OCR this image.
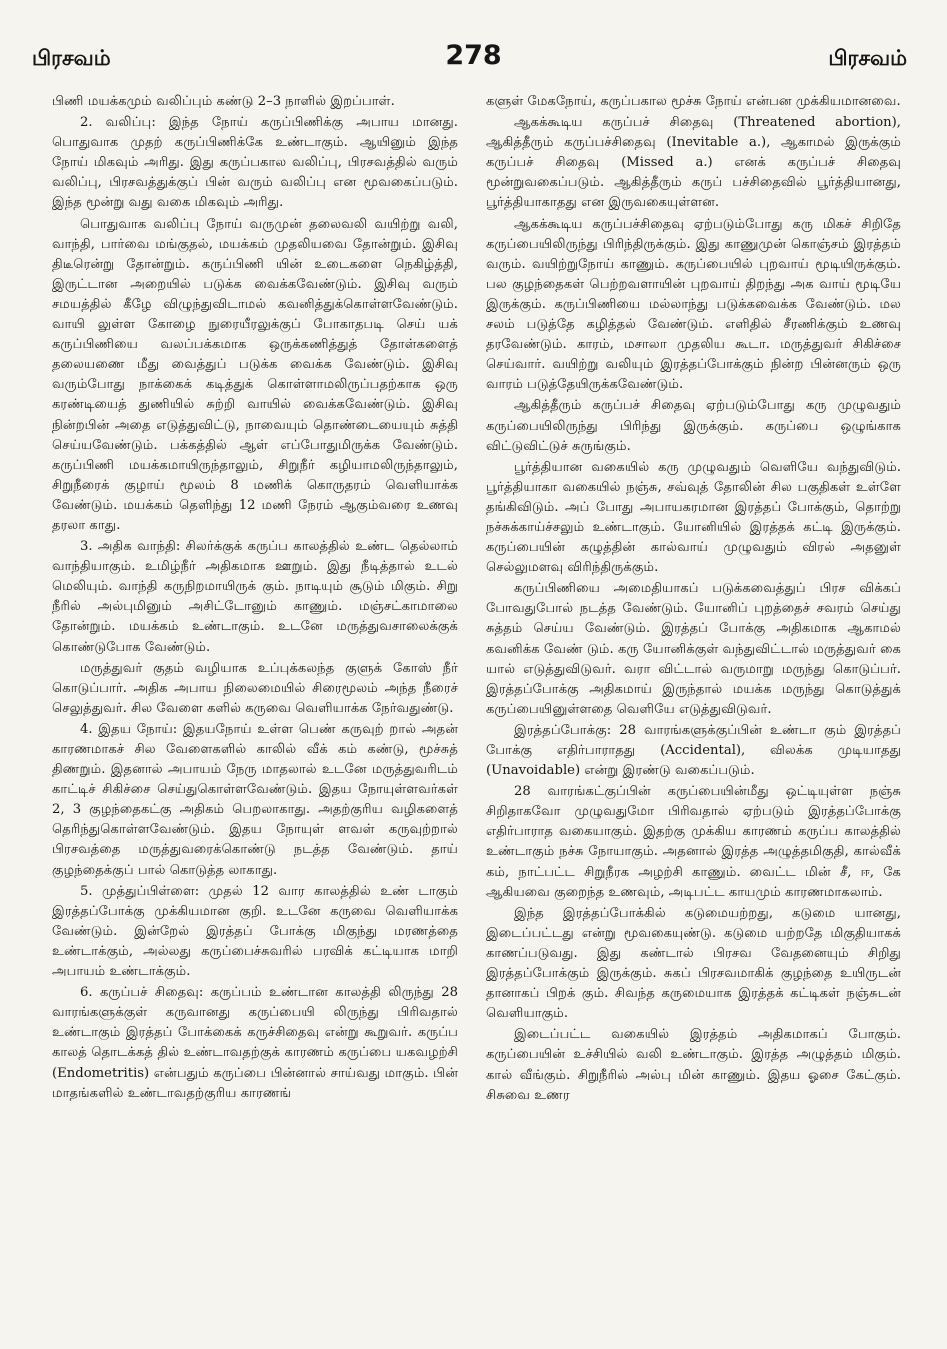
பிரசவம்	278	பிரசவம்

பிணி மயக்கமும் வலிப்பும் கண்டு 2–3 நாளில் இறப்பாள்.

2. வலிப்பு: இந்த நோய் கருப்பிணிக்கு அபாய மானது. பொதுவாக முதற் கருப்பிணிக்கே உண்டாகும். ஆயினும் இந்த நோய் மிகவும் அரிது. இது கருப்பகால வலிப்பு, பிரசவத்தில் வரும் வலிப்பு, பிரசவத்துக்குப் பின் வரும் வலிப்பு என மூவகைப்படும். இந்த மூன்று வது வகை மிகவும் அரிது.

பொதுவாக வலிப்பு நோய் வருமுன் தலைவலி வயிற்று வலி, வாந்தி, பார்வை மங்குதல், மயக்கம் முதலியவை தோன்றும். இசிவு திடீரென்று தோன்றும். கருப்பிணி யின் உடைகளை நெகிழ்த்தி, இருட்டான அறையில் படுக்க வைக்கவேண்டும். இசிவு வரும் சமயத்தில் கீழே விழுந்துவிடாமல் கவனித்துக்கொள்ளவேண்டும். வாயி லுள்ள கோழை நுரையீரலுக்குப் போகாதபடி செய் யக் கருப்பிணியை வலப்பக்கமாக ஒருக்கணித்துத் தோள்களைத் தலையணை மீது வைத்துப் படுக்க வைக்க வேண்டும். இசிவு வரும்போது நாக்கைக் கடித்துக் கொள்ளாமலிருப்பதற்காக ஒரு கரண்டியைத் துணியில் சுற்றி வாயில் வைக்கவேண்டும். இசிவு நின்றபின் அதை எடுத்துவிட்டு, நாவையும் தொண்டையையும் சுத்தி செய்யவேண்டும். பக்கத்தில் ஆள் எப்போதுமிருக்க வேண்டும். கருப்பிணி மயக்கமாயிருந்தாலும், சிறுநீர் கழியாமலிருந்தாலும், சிறுநீரைக் குழாய் மூலம் 8 மணிக் கொருதரம் வெளியாக்க வேண்டும். மயக்கம் தெளிந்து 12 மணி நேரம் ஆகும்வரை உணவு தரலா காது.

3. அதிக வாந்தி: சிலர்க்குக் கருப்ப காலத்தில் உண்ட தெல்லாம் வாந்தியாகும். உமிழ்நீர் அதிகமாக ஊறும். இது நீடித்தால் உடல் மெலியும். வாந்தி கருநிறமாயிருக் கும். நாடியும் சூடும் மிகும். சிறு நீரில் அல்புமினும் அசிட்டோனும் காணும். மஞ்சட்காமாலை தோன்றும். மயக்கம் உண்டாகும். உடனே மருத்துவசாலைக்குக் கொண்டுபோக வேண்டும்.

மருத்துவர் குதம் வழியாக உப்புக்கலந்த குளுக் கோஸ் நீர் கொடுப்பார். அதிக அபாய நிலைமையில் சிரைமூலம் அந்த நீரைச் செலுத்துவர். சில வேளை களில் கருவை வெளியாக்க நேர்வதுண்டு.

4. இதய நோய்: இதயநோய் உள்ள பெண் கருவுற் றால் அதன் காரணமாகச் சில வேளைகளில் காலில் வீக் கம் கண்டு, மூச்சுத் திணறும். இதனால் அபாயம் நேரு மாதலால் உடனே மருத்துவரிடம் காட்டிச் சிகிச்சை செய்துகொள்ளவேண்டும். இதய நோயுள்ளவர்கள் 2, 3 குழந்தைகட்கு அதிகம் பெறலாகாது. அதற்குரிய வழிகளைத் தெரிந்துகொள்ளவேண்டும். இதய நோயுள் ளவள் கருவுற்றால் பிரசவத்தை மருத்துவரைக்கொண்டு நடத்த வேண்டும். தாய் குழந்தைக்குப் பால் கொடுத்த லாகாது.

5. முத்துப்பிள்ளை: முதல் 12 வார காலத்தில் உண் டாகும் இரத்தப்போக்கு முக்கியமான குறி. உடனே கருவை வெளியாக்க வேண்டும். இன்றேல் இரத்தப் போக்கு மிகுந்து மரணத்தை உண்டாக்கும், அல்லது கருப்பைச்சுவரில் பரவிக் கட்டியாக மாறி அபாயம் உண்டாக்கும்.

6. கருப்பச் சிதைவு: கருப்பம் உண்டான காலத்தி லிருந்து 28 வாரங்களுக்குள் கருவானது கருப்பையி லிருந்து பிரிவதால் உண்டாகும் இரத்தப் போக்கைக் கருச்சிதைவு என்று கூறுவர். கருப்ப காலத் தொடக்கத் தில் உண்டாவதற்குக் காரணம் கருப்பை யகவழற்சி (Endometritis) என்பதும் கருப்பை பின்னால் சாய்வது மாகும். பின் மாதங்களில் உண்டாவதற்குரிய காரணங்

களுள் மேகநோய், கருப்பகால மூச்சு நோய் என்பன முக்கியமானவை.

ஆகக்கூடிய கருப்பச் சிதைவு (Threatened abortion), ஆகித்தீரும் கருப்பச்சிதைவு (Inevitable a.), ஆகாமல் இருக்கும் கருப்பச் சிதைவு (Missed a.) எனக் கருப்பச் சிதைவு மூன்றுவகைப்படும். ஆகித்தீரும் கருப் பச்சிதைவில் பூர்த்தியானது, பூர்த்தியாகாதது என இருவகையுள்ளன.

ஆகக்கூடிய கருப்பச்சிதைவு ஏற்படும்போது கரு மிகச் சிறிதே கருப்பையிலிருந்து பிரிந்திருக்கும். இது காணுமுன் கொஞ்சம் இரத்தம் வரும். வயிற்றுநோய் காணும். கருப்பையில் புறவாய் மூடியிருக்கும். பல குழந்தைகள் பெற்றவளாயின் புறவாய் திறந்து அக வாய் மூடியே இருக்கும். கருப்பிணியை மல்லாந்து படுக்கவைக்க வேண்டும். மல சலம் படுத்தே கழித்தல் வேண்டும். எளிதில் சீரணிக்கும் உணவு தரவேண்டும். காரம், மசாலா முதலிய கூடா. மருத்துவர் சிகிச்சை செய்வார். வயிற்று வலியும் இரத்தப்போக்கும் நின்ற பின்னரும் ஒரு வாரம் படுத்தேயிருக்கவேண்டும்.

ஆகித்தீரும் கருப்பச் சிதைவு ஏற்படும்போது கரு முழுவதும் கருப்பையிலிருந்து பிரிந்து இருக்கும். கருப்பை ஒழுங்காக விட்டுவிட்டுச் சுருங்கும்.

பூர்த்தியான வகையில் கரு முழுவதும் வெளியே வந்துவிடும். பூர்த்தியாகா வகையில் நஞ்சு, சவ்வுத் தோலின் சில பகுதிகள் உள்ளே தங்கிவிடும். அப் போது அபாயகரமான இரத்தப் போக்கும், தொற்று நச்சுக்காய்ச்சலும் உண்டாகும். யோனியில் இரத்தக் கட்டி இருக்கும். கருப்பையின் கழுத்தின் கால்வாய் முழுவதும் விரல் அதனுள் செல்லுமளவு விரிந்திருக்கும்.

கருப்பிணியை அமைதியாகப் படுக்கவைத்துப் பிரச விக்கப் போவதுபோல் நடத்த வேண்டும். யோனிப் புறத்தைச் சவரம் செய்து சுத்தம் செய்ய வேண்டும். இரத்தப் போக்கு அதிகமாக ஆகாமல் கவனிக்க வேண் டும். கரு யோனிக்குள் வந்துவிட்டால் மருத்துவர் கை யால் எடுத்துவிடுவர். வரா விட்டால் வருமாறு மருந்து கொடுப்பர். இரத்தப்போக்கு அதிகமாய் இருந்தால் மயக்க மருந்து கொடுத்துக் கருப்பையினுள்ளதை வெளியே எடுத்துவிடுவர்.

இரத்தப்போக்கு: 28 வாரங்களுக்குப்பின் உண்டா கும் இரத்தப் போக்கு எதிர்பாராதது (Accidental), விலக்க முடியாதது (Unavoidable) என்று இரண்டு வகைப்படும்.

28 வாரங்கட்குப்பின் கருப்பையின்மீது ஒட்டியுள்ள நஞ்சு சிறிதாகவோ முழுவதுமோ பிரிவதால் ஏற்படும் இரத்தப்போக்கு எதிர்பாராத வகையாகும். இதற்கு முக்கிய காரணம் கருப்ப காலத்தில் உண்டாகும் நச்சு நோயாகும். அதனால் இரத்த அழுத்தமிகுதி, கால்வீக் கம், நாட்பட்ட சிறுநீரக அழற்சி காணும். வைட்ட மின் சீ, ஈ, கே ஆகியவை குறைந்த உணவும், அடிபட்ட காயமும் காரணமாகலாம்.

இந்த இரத்தப்போக்கில் கடுமையற்றது, கடுமை யானது, இடைப்பட்டது என்று மூவகையுண்டு. கடுமை யற்றதே மிகுதியாகக் காணப்படுவது. இது கண்டால் பிரசவ வேதனையும் சிறிது இரத்தப்போக்கும் இருக்கும். சுகப் பிரசவமாகிக் குழந்தை உயிருடன் தானாகப் பிறக் கும். சிவந்த கருமையாக இரத்தக் கட்டிகள் நஞ்சுடன் வெளியாகும்.

இடைப்பட்ட வகையில் இரத்தம் அதிகமாகப் போகும். கருப்பையின் உச்சியில் வலி உண்டாகும். இரத்த அழுத்தம் மிகும். கால் வீங்கும். சிறுநீரில் அல்பு மின் காணும். இதய ஓசை கேட்கும். சிசுவை உணர
